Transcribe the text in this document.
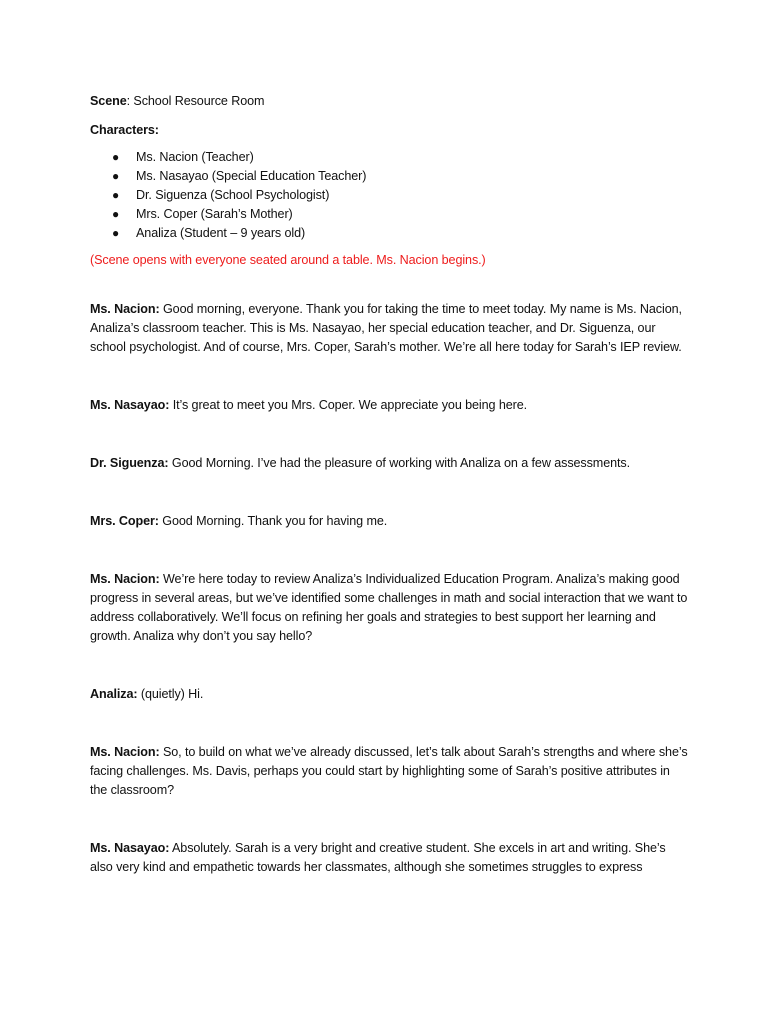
Scene: School Resource Room

Characters:

● Ms. Nacion (Teacher)
● Ms. Nasayao (Special Education Teacher)
● Dr. Siguenza (School Psychologist)
● Mrs. Coper (Sarah’s Mother)
● Analiza (Student – 9 years old)

(Scene opens with everyone seated around a table. Ms. Nacion begins.)

Ms. Nacion: Good morning, everyone. Thank you for taking the time to meet today. My name is Ms. Nacion, Analiza’s classroom teacher. This is Ms. Nasayao, her special education teacher, and Dr. Siguenza, our school psychologist. And of course, Mrs. Coper, Sarah’s mother. We’re all here today for Sarah’s IEP review.

Ms. Nasayao: It’s great to meet you Mrs. Coper. We appreciate you being here.

Dr. Siguenza: Good Morning. I’ve had the pleasure of working with Analiza on a few assessments.

Mrs. Coper: Good Morning. Thank you for having me.

Ms. Nacion: We’re here today to review Analiza’s Individualized Education Program. Analiza’s making good progress in several areas, but we’ve identified some challenges in math and social interaction that we want to address collaboratively. We’ll focus on refining her goals and strategies to best support her learning and growth. Analiza why don’t you say hello?

Analiza: (quietly) Hi.

Ms. Nacion: So, to build on what we’ve already discussed, let’s talk about Sarah’s strengths and where she’s facing challenges. Ms. Davis, perhaps you could start by highlighting some of Sarah’s positive attributes in the classroom?

Ms. Nasayao: Absolutely. Sarah is a very bright and creative student. She excels in art and writing. She’s also very kind and empathetic towards her classmates, although she sometimes struggles to express
